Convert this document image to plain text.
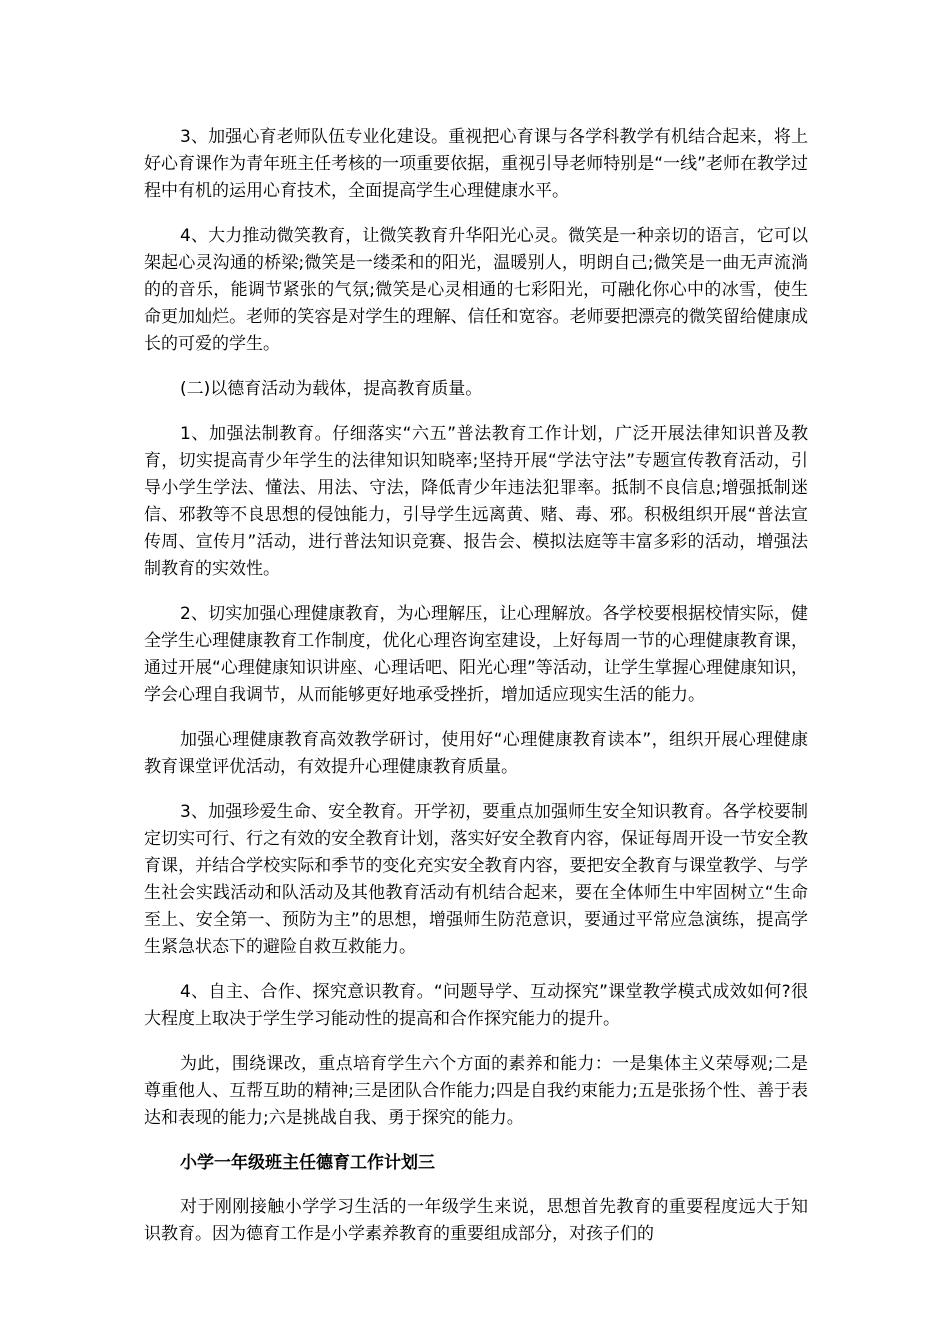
3、加强心育老师队伍专业化建设。重视把心育课与各学科教学有机结合起来，将上好心育课作为青年班主任考核的一项重要依据，重视引导老师特别是“一线”老师在教学过程中有机的运用心育技术，全面提高学生心理健康水平。

4、大力推动微笑教育，让微笑教育升华阳光心灵。微笑是一种亲切的语言，它可以架起心灵沟通的桥梁;微笑是一缕柔和的阳光，温暖别人，明朗自己;微笑是一曲无声流淌的的音乐，能调节紧张的气氛;微笑是心灵相通的七彩阳光，可融化你心中的冰雪，使生命更加灿烂。老师的笑容是对学生的理解、信任和宽容。老师要把漂亮的微笑留给健康成长的可爱的学生。

(二)以德育活动为载体，提高教育质量。

1、加强法制教育。仔细落实“六五”普法教育工作计划，广泛开展法律知识普及教育，切实提高青少年学生的法律知识知晓率;坚持开展“学法守法”专题宣传教育活动，引导小学生学法、懂法、用法、守法，降低青少年违法犯罪率。抵制不良信息;增强抵制迷信、邪教等不良思想的侵蚀能力，引导学生远离黄、赌、毒、邪。积极组织开展“普法宣传周、宣传月”活动，进行普法知识竞赛、报告会、模拟法庭等丰富多彩的活动，增强法制教育的实效性。

2、切实加强心理健康教育，为心理解压，让心理解放。各学校要根据校情实际，健全学生心理健康教育工作制度，优化心理咨询室建设，上好每周一节的心理健康教育课，通过开展“心理健康知识讲座、心理话吧、阳光心理”等活动，让学生掌握心理健康知识，学会心理自我调节，从而能够更好地承受挫折，增加适应现实生活的能力。

加强心理健康教育高效教学研讨，使用好“心理健康教育读本”，组织开展心理健康教育课堂评优活动，有效提升心理健康教育质量。

3、加强珍爱生命、安全教育。开学初，要重点加强师生安全知识教育。各学校要制定切实可行、行之有效的安全教育计划，落实好安全教育内容，保证每周开设一节安全教育课，并结合学校实际和季节的变化充实安全教育内容，要把安全教育与课堂教学、与学生社会实践活动和队活动及其他教育活动有机结合起来，要在全体师生中牢固树立“生命至上、安全第一、预防为主”的思想，增强师生防范意识，要通过平常应急演练，提高学生紧急状态下的避险自救互救能力。

4、自主、合作、探究意识教育。“问题导学、互动探究”课堂教学模式成效如何?很大程度上取决于学生学习能动性的提高和合作探究能力的提升。

为此，围绕课改，重点培育学生六个方面的素养和能力：一是集体主义荣辱观;二是尊重他人、互帮互助的精神;三是团队合作能力;四是自我约束能力;五是张扬个性、善于表达和表现的能力;六是挑战自我、勇于探究的能力。

小学一年级班主任德育工作计划三

对于刚刚接触小学学习生活的一年级学生来说，思想首先教育的重要程度远大于知识教育。因为德育工作是小学素养教育的重要组成部分，对孩子们的
